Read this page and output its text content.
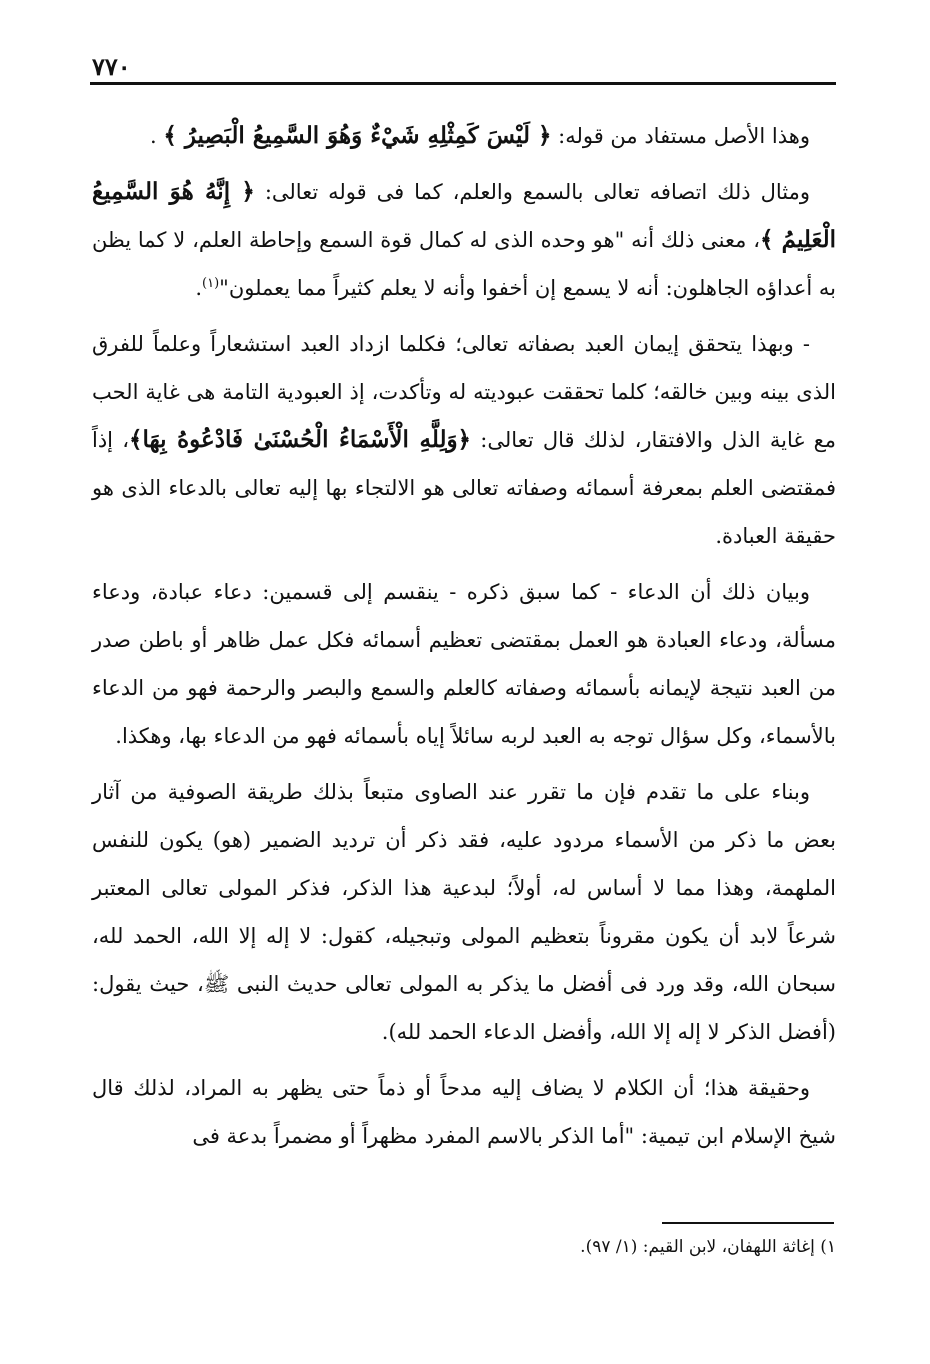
٧٧٠

وهذا الأصل مستفاد من قوله: ﴿ لَيْسَ كَمِثْلِهِ شَيْءٌ وَهُوَ السَّمِيعُ الْبَصِيرُ ﴾ .

ومثال ذلك اتصافه تعالى بالسمع والعلم، كما فى قوله تعالى: ﴿ إِنَّهُ هُوَ السَّمِيعُ الْعَلِيمُ ﴾، معنى ذلك أنه "هو وحده الذى له كمال قوة السمع وإحاطة العلم، لا كما يظن به أعداؤه الجاهلون: أنه لا يسمع إن أخفوا وأنه لا يعلم كثيراً مما يعملون"$^{(١)}$.

- وبهذا يتحقق إيمان العبد بصفاته تعالى؛ فكلما ازداد العبد استشعاراً وعلماً للفرق الذى بينه وبين خالقه؛ كلما تحققت عبوديته له وتأكدت، إذ العبودية التامة هى غاية الحب مع غاية الذل والافتقار، لذلك قال تعالى: ﴿وَلِلَّهِ الْأَسْمَاءُ الْحُسْنَىٰ فَادْعُوهُ بِهَا﴾، إذاً فمقتضى العلم بمعرفة أسمائه وصفاته تعالى هو الالتجاء بها إليه تعالى بالدعاء الذى هو حقيقة العبادة.

وبيان ذلك أن الدعاء - كما سبق ذكره - ينقسم إلى قسمين: دعاء عبادة، ودعاء مسألة، ودعاء العبادة هو العمل بمقتضى تعظيم أسمائه فكل عمل ظاهر أو باطن صدر من العبد نتيجة لإيمانه بأسمائه وصفاته كالعلم والسمع والبصر والرحمة فهو من الدعاء بالأسماء، وكل سؤال توجه به العبد لربه سائلاً إياه بأسمائه فهو من الدعاء بها، وهكذا.

وبناء على ما تقدم فإن ما تقرر عند الصاوى متبعاً بذلك طريقة الصوفية من آثار بعض ما ذكر من الأسماء مردود عليه، فقد ذكر أن ترديد الضمير (هو) يكون للنفس الملهمة، وهذا مما لا أساس له، أولاً؛ لبدعية هذا الذكر، فذكر المولى تعالى المعتبر شرعاً لابد أن يكون مقروناً بتعظيم المولى وتبجيله، كقول: لا إله إلا الله، الحمد لله، سبحان الله، وقد ورد فى أفضل ما يذكر به المولى تعالى حديث النبى ﷺ، حيث يقول: (أفضل الذكر لا إله إلا الله، وأفضل الدعاء الحمد لله).

وحقيقة هذا؛ أن الكلام لا يضاف إليه مدحاً أو ذماً حتى يظهر به المراد، لذلك قال شيخ الإسلام ابن تيمية: "أما الذكر بالاسم المفرد مظهراً أو مضمراً بدعة فى

١) إغاثة اللهفان، لابن القيم: (١/ ٩٧).
